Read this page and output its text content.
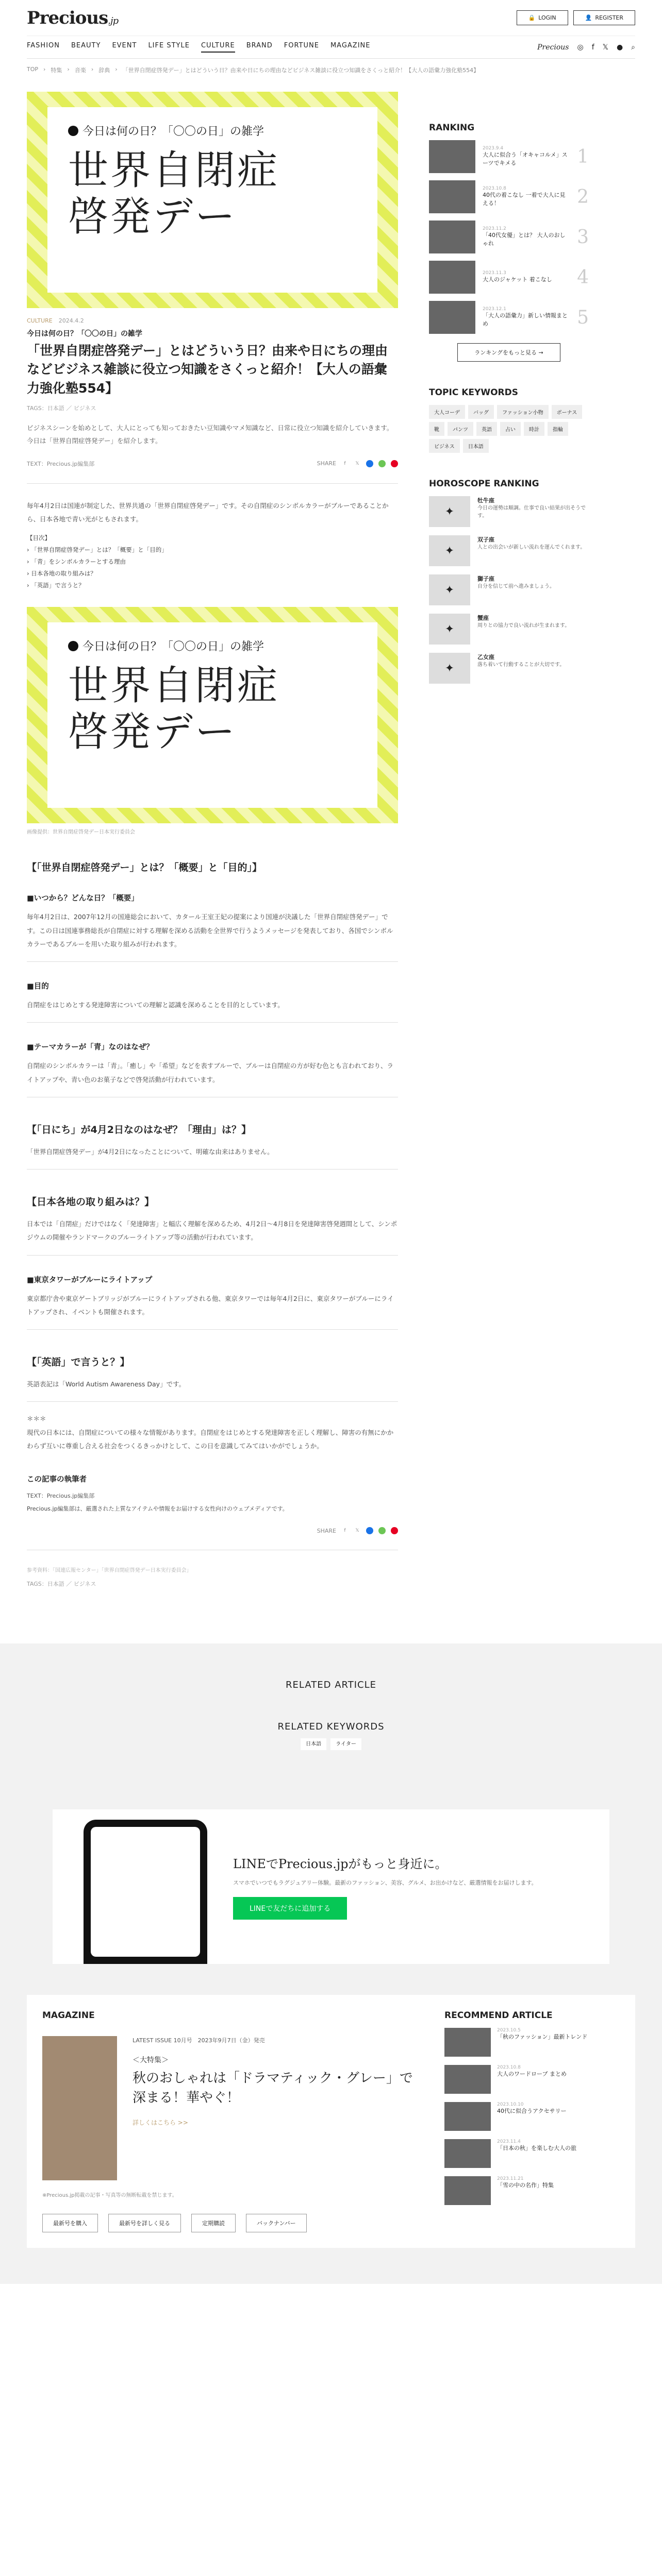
Precious.jp	🔒 LOGIN	👤 REGISTER
FASHION BEAUTY EVENT LIFE STYLE CULTURE BRAND FORTUNE MAGAZINE	Precious ◎ f 𝕏 ● ⌕
TOP › 特集 › 音楽 › 辞典 › 「世界自閉症啓発デー」とはどういう日？由来や日にちの理由などビジネス雑談に役立つ知識をさくっと紹介！【大人の語彙力強化塾554】
今日は何の日？「〇〇の日」の雑学
世界自閉症
啓発デー
CULTURE 2024.4.2
今日は何の日？「〇〇の日」の雑学
「世界自閉症啓発デー」とはどういう日？由来や日にちの理由などビジネス雑談に役立つ知識をさくっと紹介！【大人の語彙力強化塾554】
TAGS：日本語 ／ ビジネス

ビジネスシーンを始めとして、大人にとっても知っておきたい豆知識やマメ知識など、日常に役立つ知識を紹介していきます。今日は「世界自閉症啓発デー」を紹介します。

TEXT：Precious.jp編集部	SHARE	f	𝕏

毎年4月2日は国連が制定した、世界共通の「世界自閉症啓発デー」です。その自閉症のシンボルカラーがブルーであることから、日本各地で青い光がともされます。

【目次】
› 「世界自閉症啓発デー」とは？「概要」と「目的」
› 「青」をシンボルカラーとする理由
› 日本各地の取り組みは？
› 「英語」で言うと？
今日は何の日？「〇〇の日」の雑学
世界自閉症
啓発デー
画像提供：世界自閉症啓発デー日本実行委員会
【「世界自閉症啓発デー」とは？「概要」と「目的」】
■いつから？どんな日？「概要」

毎年4月2日は、2007年12月の国連総会において、カタール王室王妃の提案により国連が決議した「世界自閉症啓発デー」です。この日は国連事務総長が自閉症に対する理解を深める活動を全世界で行うようメッセージを発表しており、各国でシンボルカラーであるブルーを用いた取り組みが行われます。

■目的

自閉症をはじめとする発達障害についての理解と認識を深めることを目的としています。

■テーマカラーが「青」なのはなぜ？

自閉症のシンボルカラーは「青」。「癒し」や「希望」などを表すブルーで、ブルーは自閉症の方が好む色とも言われており、ライトアップや、青い色のお菓子などで啓発活動が行われています。

【「日にち」が4月2日なのはなぜ？「理由」は？】

「世界自閉症啓発デー」が4月2日になったことについて、明確な由来はありません。

【日本各地の取り組みは？】

日本では「自閉症」だけではなく「発達障害」と幅広く理解を深めるため、4月2日〜4月8日を発達障害啓発週間として、シンポジウムの開催やランドマークのブルーライトアップ等の活動が行われています。

■東京タワーがブルーにライトアップ

東京都庁舎や東京ゲートブリッジがブルーにライトアップされる他、東京タワーでは毎年4月2日に、東京タワーがブルーにライトアップされ、イベントも開催されます。

【「英語」で言うと？】

英語表記は「World Autism Awareness Day」です。

＊＊＊

現代の日本には、自閉症についての様々な情報があります。自閉症をはじめとする発達障害を正しく理解し、障害の有無にかかわらず互いに尊重し合える社会をつくるきっかけとして、この日を意識してみてはいかがでしょうか。

この記事の執筆者
TEXT：Precious.jp編集部

Precious.jp編集部は、厳選された上質なアイテムや情報をお届けする女性向けのウェブメディアです。

SHARE	f	𝕏
参考資料：「国連広報センター」「世界自閉症啓発デー日本実行委員会」
TAGS：日本語 ／ ビジネス
RANKING
2023.9.4
大人に似合う「オキャコルメ」スーツでキメる	1
2023.10.8
40代の着こなし 一着で大人に見える！	2
2023.11.2
「40代女優」とは？ 大人のおしゃれ	3
2023.11.3
大人のジャケット 着こなし 4
2023.12.1
「大人の語彙力」新しい情報まとめ	5
ランキングをもっと見る →
TOPIC KEYWORDS
大人コーデ	バッグ	ファッション小物	ボーナス
靴	パンツ	英語	占い	時計	指輪
ビジネス	日本語
HOROSCOPE RANKING
✦
牡牛座
今日の運勢は順調。仕事で良い結果が出そうです。
✦
双子座
人との出会いが新しい流れを運んでくれます。
✦
獅子座
自分を信じて前へ進みましょう。
✦
蟹座
周りとの協力で良い流れが生まれます。
✦
乙女座
落ち着いて行動することが大切です。
RELATED ARTICLE
RELATED KEYWORDS
日本語	ライター
LINEでPrecious.jpがもっと身近に。
スマホでいつでもラグジュアリー体験。最新のファッション、美容、グルメ、お出かけなど、厳選情報をお届けします。
LINEで友だちに追加する
MAGAZINE
LATEST ISSUE 10月号　2023年9月7日（金）発売
＜大特集＞
秋のおしゃれは「ドラマティック・グレー」で深まる！華やぐ！
詳しくはこちら >>
※Precious.jp掲載の記事・写真等の無断転載を禁じます。
最新号を購入	最新号を詳しく見る	定期購読	バックナンバー
RECOMMEND ARTICLE
2023.10.5
「秋のファッション」最新トレンド
2023.10.8
大人のワードローブ まとめ
2023.10.10
40代に似合うアクセサリー
2023.11.4
「日本の秋」を楽しむ大人の旅
2023.11.21
「雪の中の名作」特集
